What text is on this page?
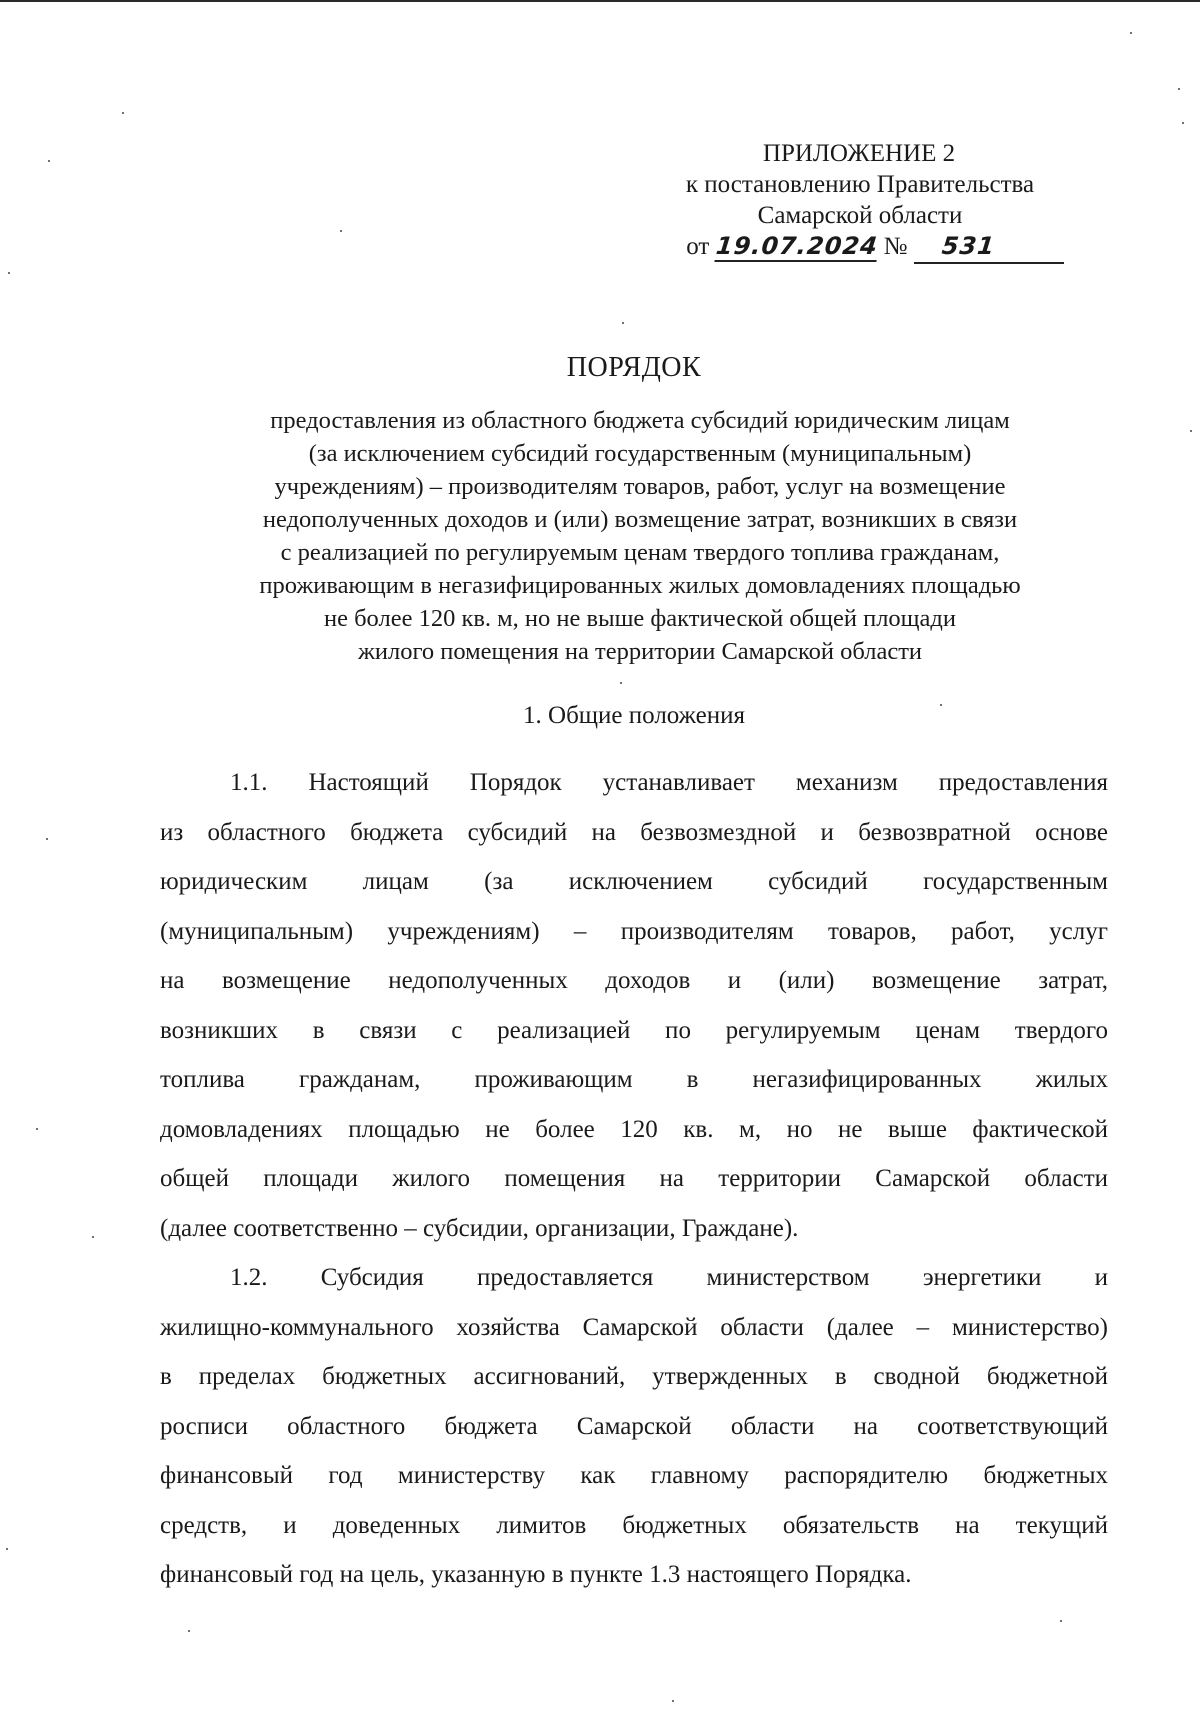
ПРИЛОЖЕНИЕ 2
к постановлению Правительства
Самарской области
от 19.07.2024 № 531
ПОРЯДОК
предоставления из областного бюджета субсидий юридическим лицам
(за исключением субсидий государственным (муниципальным)
учреждениям) – производителям товаров, работ, услуг на возмещение
недополученных доходов и (или) возмещение затрат, возникших в связи
с реализацией по регулируемым ценам твердого топлива гражданам,
проживающим в негазифицированных жилых домовладениях площадью
не более 120 кв. м, но не выше фактической общей площади
жилого помещения на территории Самарской области
1. Общие положения
1.1. Настоящий Порядок устанавливает механизм предоставления
из областного бюджета субсидий на безвозмездной и безвозвратной основе
юридическим лицам (за исключением субсидий государственным
(муниципальным) учреждениям) – производителям товаров, работ, услуг
на возмещение недополученных доходов и (или) возмещение затрат,
возникших в связи с реализацией по регулируемым ценам твердого
топлива гражданам, проживающим в негазифицированных жилых
домовладениях площадью не более 120 кв. м, но не выше фактической
общей площади жилого помещения на территории Самарской области
(далее соответственно – субсидии, организации, Граждане).
1.2. Субсидия предоставляется министерством энергетики и
жилищно-коммунального хозяйства Самарской области (далее – министерство)
в пределах бюджетных ассигнований, утвержденных в сводной бюджетной
росписи областного бюджета Самарской области на соответствующий
финансовый год министерству как главному распорядителю бюджетных
средств, и доведенных лимитов бюджетных обязательств на текущий
финансовый год на цель, указанную в пункте 1.3 настоящего Порядка.
